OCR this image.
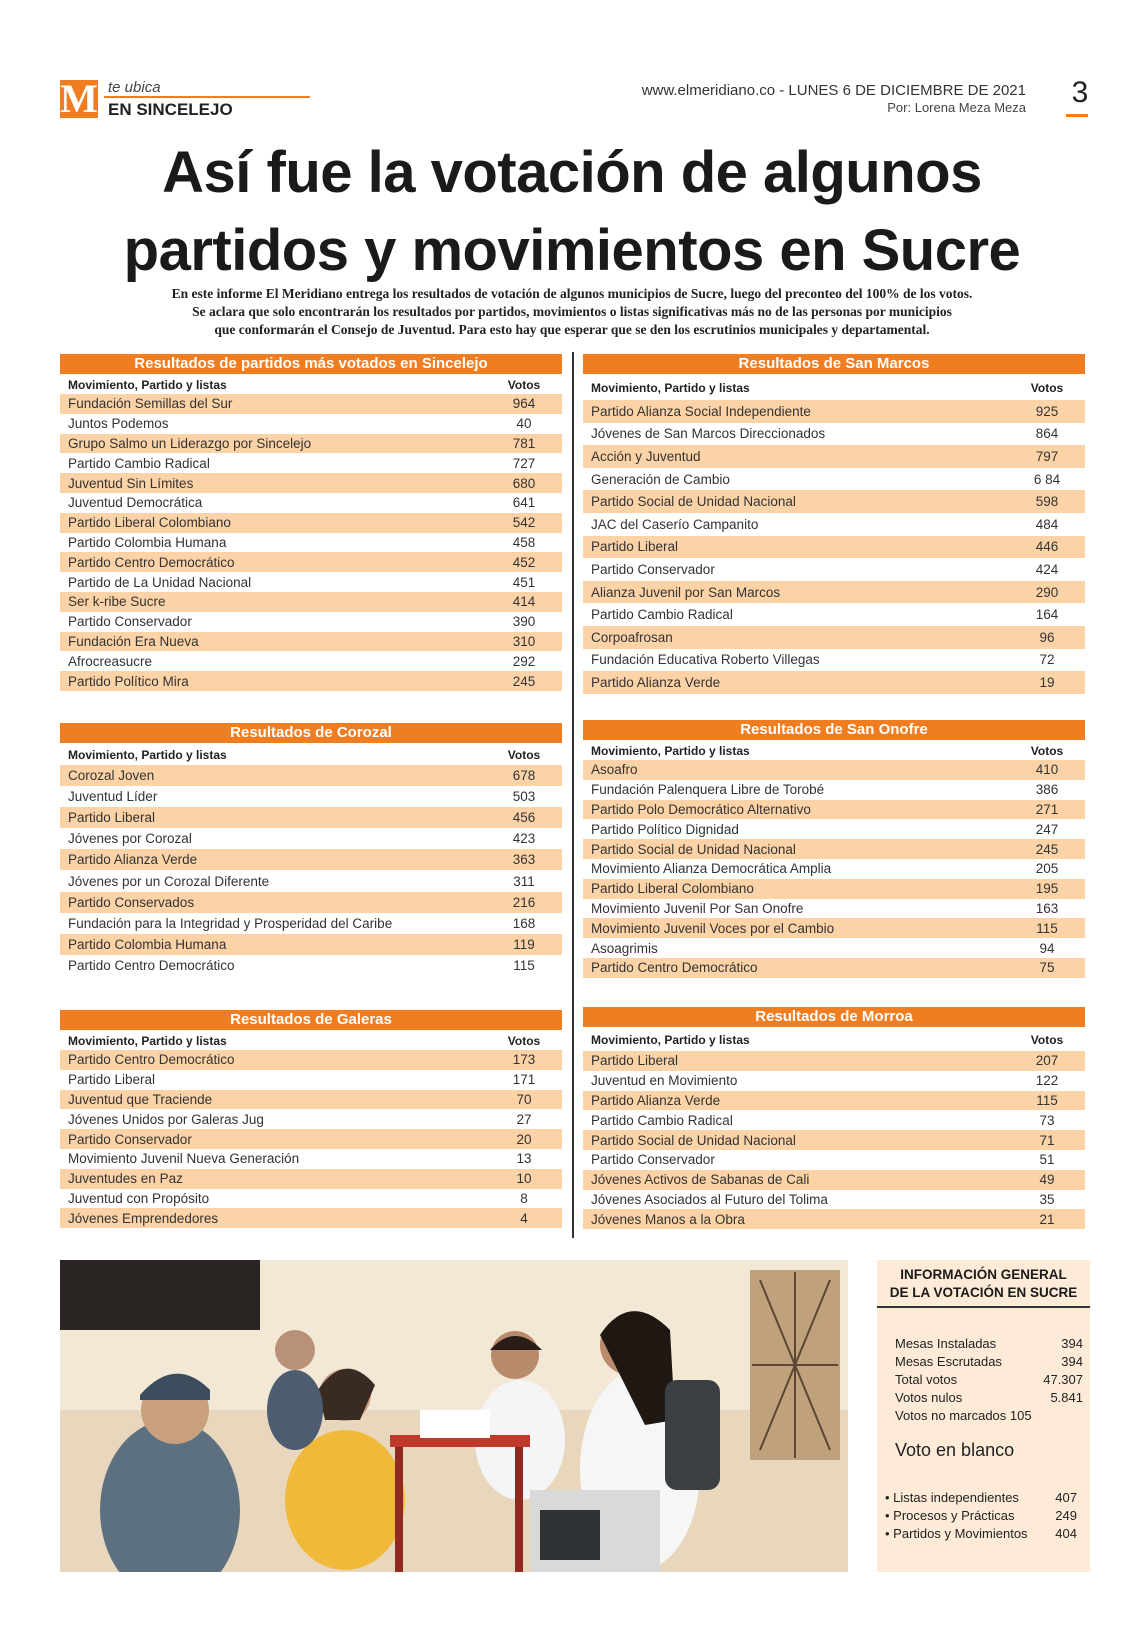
M te ubica
EN SINCELEJO
www.elmeridiano.co - LUNES 6 DE DICIEMBRE DE 2021
Por: Lorena Meza Meza 3
Así fue la votación de algunos
partidos y movimientos en Sucre
En este informe El Meridiano entrega los resultados de votación de algunos municipios de Sucre, luego del preconteo del 100% de los votos.
Se aclara que solo encontrarán los resultados por partidos, movimientos o listas significativas más no de las personas por municipios
que conformarán el Consejo de Juventud. Para esto hay que esperar que se den los escrutinios municipales y departamental.
Resultados de partidos más votados en Sincelejo
Movimiento, Partido y listas	Votos
Fundación Semillas del Sur	964
Juntos Podemos	40
Grupo Salmo un Liderazgo por Sincelejo	781
Partido Cambio Radical	727
Juventud Sin Límites	680
Juventud Democrática	641
Partido Liberal Colombiano	542
Partido Colombia Humana	458
Partido Centro Democrático	452
Partido de La Unidad Nacional	451
Ser k-ribe Sucre	414
Partido Conservador	390
Fundación Era Nueva	310
Afrocreasucre	292
Partido Político Mira	245
Resultados de Corozal
Movimiento, Partido y listas	Votos
Corozal Joven	678
Juventud Líder	503
Partido Liberal	456
Jóvenes por Corozal	423
Partido Alianza Verde	363
Jóvenes por un Corozal Diferente	311
Partido Conservados	216
Fundación para la Integridad y Prosperidad del Caribe	168
Partido Colombia Humana	119
Partido Centro Democrático	115
Resultados de Galeras
Movimiento, Partido y listas	Votos
Partido Centro Democrático	173
Partido Liberal	171
Juventud que Traciende	70
Jóvenes Unidos por Galeras Jug	27
Partido Conservador	20
Movimiento Juvenil Nueva Generación	13
Juventudes en Paz	10
Juventud con Propósito	8
Jóvenes Emprendedores	4
Resultados de San Marcos
Movimiento, Partido y listas	Votos
Partido Alianza Social Independiente	925
Jóvenes de San Marcos Direccionados	864
Acción y Juventud	797
Generación de Cambio	6 84
Partido Social de Unidad Nacional	598
JAC del Caserío Campanito	484
Partido Liberal	446
Partido Conservador	424
Alianza Juvenil por San Marcos	290
Partido Cambio Radical	164
Corpoafrosan	96
Fundación Educativa Roberto Villegas	72
Partido Alianza Verde	19
Resultados de San Onofre
Movimiento, Partido y listas	Votos
Asoafro	410
Fundación Palenquera Libre de Torobé	386
Partido Polo Democrático Alternativo	271
Partido Político Dignidad	247
Partido Social de Unidad Nacional	245
Movimiento Alianza Democrática Amplia	205
Partido Liberal Colombiano	195
Movimiento Juvenil Por San Onofre	163
Movimiento Juvenil Voces por el Cambio	115
Asoagrimis	94
Partido Centro Democrático	75
Resultados de Morroa
Movimiento, Partido y listas	Votos
Partido Liberal	207
Juventud en Movimiento	122
Partido Alianza Verde	115
Partido Cambio Radical	73
Partido Social de Unidad Nacional	71
Partido Conservador	51
Jóvenes Activos de Sabanas de Cali	49
Jóvenes Asociados al Futuro del Tolima	35
Jóvenes Manos a la Obra	21
INFORMACIÓN GENERAL
DE LA VOTACIÓN EN SUCRE
Mesas Instaladas	394
Mesas Escrutadas	394
Total votos	47.307
Votos nulos	5.841
Votos no marcados 105
Voto en blanco
• Listas independientes	407
• Procesos y Prácticas	249
• Partidos y Movimientos 404
